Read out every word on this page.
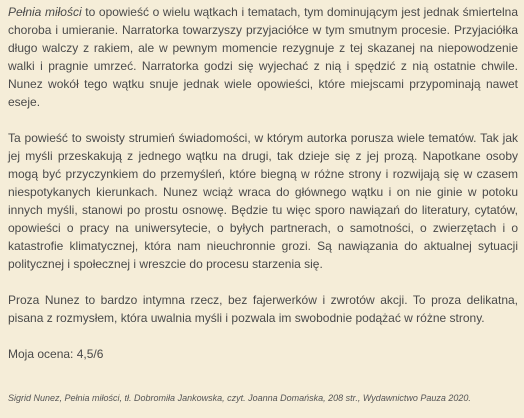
Pełnia miłości to opowieść o wielu wątkach i tematach, tym dominującym jest jednak śmiertelna choroba i umieranie. Narratorka towarzyszy przyjaciółce w tym smutnym procesie. Przyjaciółka długo walczy z rakiem, ale w pewnym momencie rezygnuje z tej skazanej na niepowodzenie walki i pragnie umrzeć. Narratorka godzi się wyjechać z nią i spędzić z nią ostatnie chwile. Nunez wokół tego wątku snuje jednak wiele opowieści, które miejscami przypominają nawet eseje.

Ta powieść to swoisty strumień świadomości, w którym autorka porusza wiele tematów. Tak jak jej myśli przeskakują z jednego wątku na drugi, tak dzieje się z jej prozą. Napotkane osoby mogą być przyczynkiem do przemyśleń, które biegną w różne strony i rozwijają się w czasem niespotykanych kierunkach. Nunez wciąż wraca do głównego wątku i on nie ginie w potoku innych myśli, stanowi po prostu osnowę. Będzie tu więc sporo nawiązań do literatury, cytatów, opowieści o pracy na uniwersytecie, o byłych partnerach, o samotności, o zwierzętach i o katastrofie klimatycznej, która nam nieuchronnie grozi. Są nawiązania do aktualnej sytuacji politycznej i społecznej i wreszcie do procesu starzenia się.

Proza Nunez to bardzo intymna rzecz, bez fajerwerków i zwrotów akcji. To proza delikatna, pisana z rozmysłem, która uwalnia myśli i pozwala im swobodnie podążać w różne strony.

Moja ocena: 4,5/6

Sigrid Nunez, Pełnia miłości, tł. Dobromiła Jankowska, czyt. Joanna Domańska, 208 str., Wydawnictwo Pauza 2020.
